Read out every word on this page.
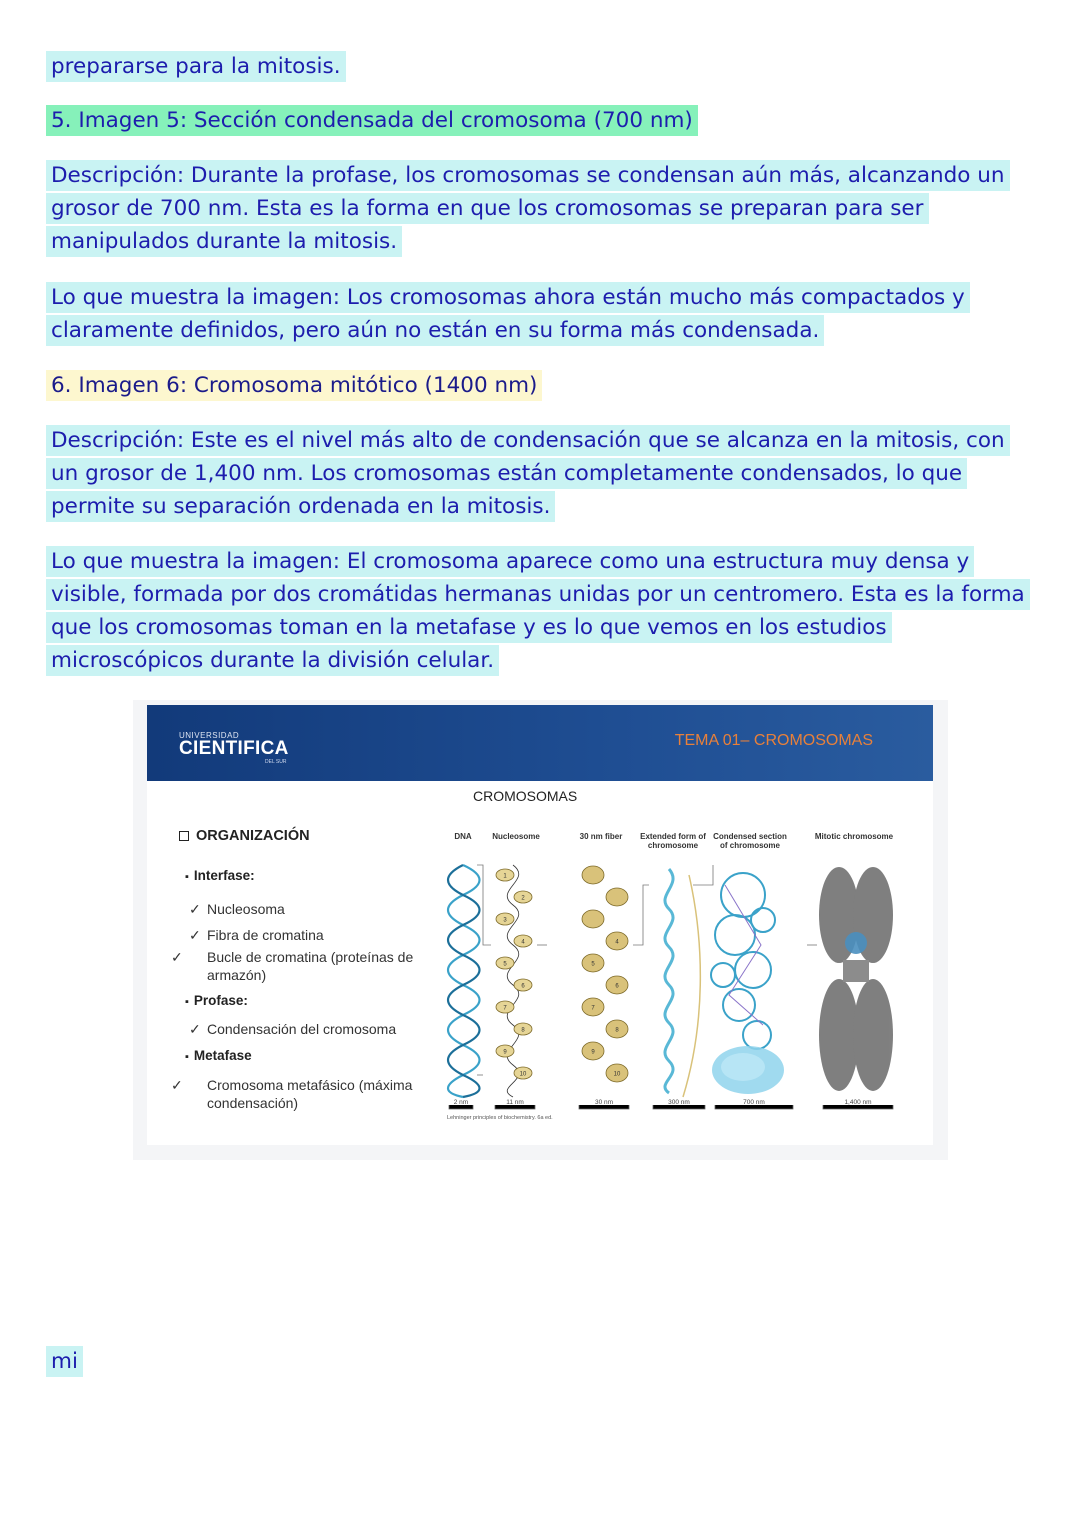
prepararse para la mitosis.

5. Imagen 5: Sección condensada del cromosoma (700 nm)

Descripción: Durante la profase, los cromosomas se condensan aún más, alcanzando un grosor de 700 nm. Esta es la forma en que los cromosomas se preparan para ser manipulados durante la mitosis.

Lo que muestra la imagen: Los cromosomas ahora están mucho más compactados y claramente definidos, pero aún no están en su forma más condensada.

6. Imagen 6: Cromosoma mitótico (1400 nm)

Descripción: Este es el nivel más alto de condensación que se alcanza en la mitosis, con un grosor de 1,400 nm. Los cromosomas están completamente condensados, lo que permite su separación ordenada en la mitosis.

Lo que muestra la imagen: El cromosoma aparece como una estructura muy densa y visible, formada por dos cromátidas hermanas unidas por un centromero. Esta es la forma que los cromosomas toman en la metafase y es lo que vemos en los estudios microscópicos durante la división celular.

mi

UNIVERSIDAD
CIENTIFICA
DEL SUR
TEMA 01– CROMOSOMAS
CROMOSOMAS
ORGANIZACIÓN
▪ Interfase:
✓ Nucleosoma
✓ Fibra de cromatina
✓ Bucle de cromatina (proteínas de armazón)
▪ Profase:
✓ Condensación del cromosoma
▪ Metafase
✓ Cromosoma metafásico (máxima condensación)
DNA	Nucleosome	30 nm fiber	Extended form of chromosome
Condensed section of chromosome
Mitotic chromosome
1
2
3
4
5
6
7
8
9
10
4
5
6
7
8
9
10
2 nm	11 nm	30 nm	300 nm	700 nm	1,400 nm
Lehninger principles of biochemistry. 6a ed.
